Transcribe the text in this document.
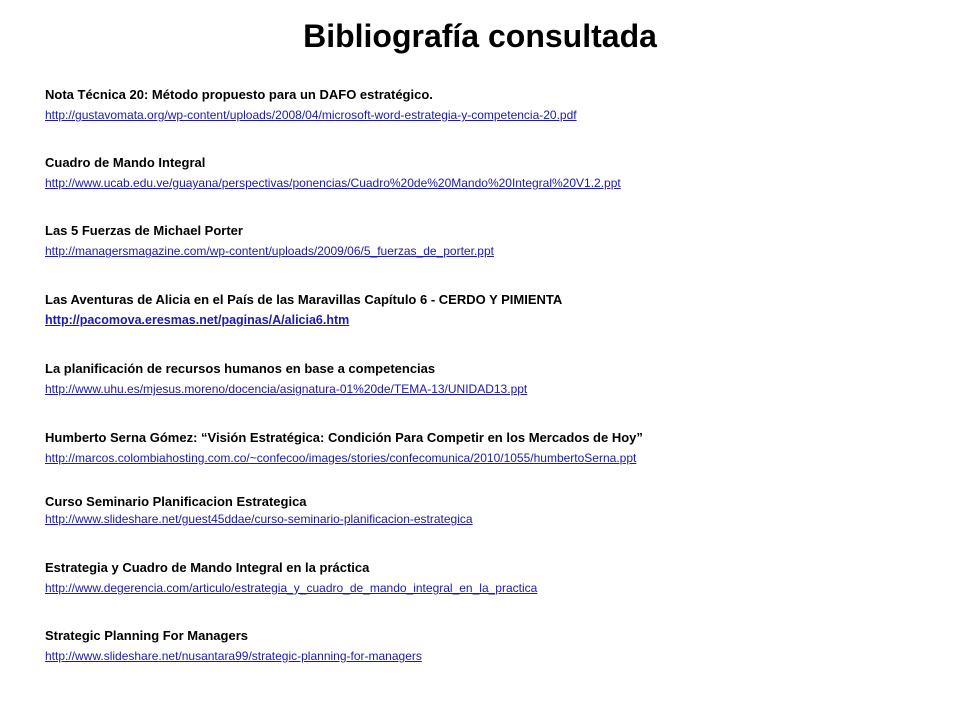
Bibliografía consultada
Nota Técnica 20: Método propuesto para un DAFO estratégico.
http://gustavomata.org/wp-content/uploads/2008/04/microsoft-word-estrategia-y-competencia-20.pdf
Cuadro de Mando Integral
http://www.ucab.edu.ve/guayana/perspectivas/ponencias/Cuadro%20de%20Mando%20Integral%20V1.2.ppt
Las 5 Fuerzas de Michael Porter
http://managersmagazine.com/wp-content/uploads/2009/06/5_fuerzas_de_porter.ppt
Las Aventuras de Alicia en el País de las Maravillas Capítulo 6 - CERDO Y PIMIENTA
http://pacomova.eresmas.net/paginas/A/alicia6.htm
La planificación de recursos humanos en base a competencias
http://www.uhu.es/mjesus.moreno/docencia/asignatura-01%20de/TEMA-13/UNIDAD13.ppt
Humberto Serna Gómez: “Visión Estratégica: Condición Para Competir en los Mercados de Hoy”
http://marcos.colombiahosting.com.co/~confecoo/images/stories/confecomunica/2010/1055/humbertoSerna.ppt
Curso Seminario Planificacion Estrategica
http://www.slideshare.net/guest45ddae/curso-seminario-planificacion-estrategica
Estrategia y Cuadro de Mando Integral en la práctica
http://www.degerencia.com/articulo/estrategia_y_cuadro_de_mando_integral_en_la_practica
Strategic Planning For Managers
http://www.slideshare.net/nusantara99/strategic-planning-for-managers
